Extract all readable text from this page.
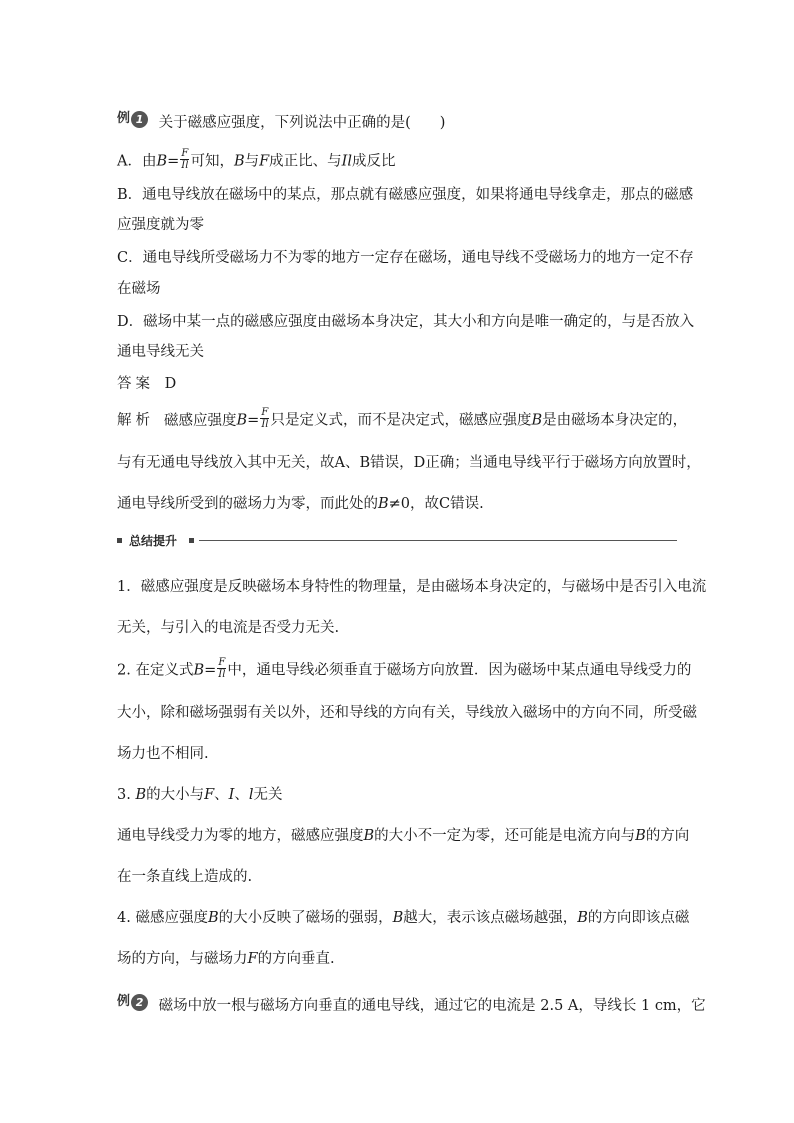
例 1	关于磁感应强度，下列说法中正确的是(　　)
A．由$B= \frac{F}{Il}$ 可知，B与F成正比、与Il成反比
B．通电导线放在磁场中的某点，那点就有磁感应强度，如果将通电导线拿走，那点的磁感
应强度就为零
C．通电导线所受磁场力不为零的地方一定存在磁场，通电导线不受磁场力的地方一定不存
在磁场
D．磁场中某一点的磁感应强度由磁场本身决定，其大小和方向是唯一确定的，与是否放入
通电导线无关
答案 D
解析 磁感应强度$B= \frac{F}{Il}$ 只是定义式，而不是决定式，磁感应强度B是由磁场本身决定的，
与有无通电导线放入其中无关，故A、B错误，D正确；当通电导线平行于磁场方向放置时，
通电导线所受到的磁场力为零，而此处的B≠0，故C错误.
总结提升
1．磁感应强度是反映磁场本身特性的物理量，是由磁场本身决定的，与磁场中是否引入电流
无关，与引入的电流是否受力无关.
2. 在定义式$B= \frac{F}{Il}$ 中，通电导线必须垂直于磁场方向放置．因为磁场中某点通电导线受力的
大小，除和磁场强弱有关以外，还和导线的方向有关，导线放入磁场中的方向不同，所受磁
场力也不相同.
3. B的大小与F、I、l无关
通电导线受力为零的地方，磁感应强度B的大小不一定为零，还可能是电流方向与B的方向
在一条直线上造成的.
4. 磁感应强度B的大小反映了磁场的强弱，B越大，表示该点磁场越强，B的方向即该点磁
场的方向，与磁场力F的方向垂直.
例 2	磁场中放一根与磁场方向垂直的通电导线，通过它的电流是 2.5 A，导线长 1 cm，它
